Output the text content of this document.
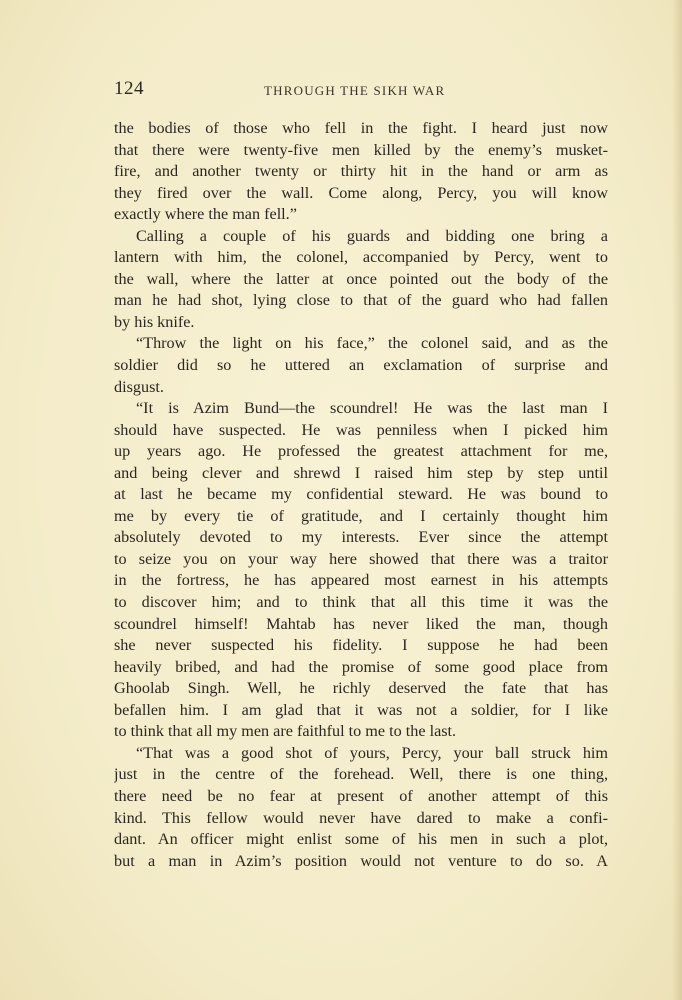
124	THROUGH THE SIKH WAR
the bodies of those who fell in the fight. I heard just now
that there were twenty-five men killed by the enemy’s musket-
fire, and another twenty or thirty hit in the hand or arm as
they fired over the wall. Come along, Percy, you will know
exactly where the man fell.”
Calling a couple of his guards and bidding one bring a
lantern with him, the colonel, accompanied by Percy, went to
the wall, where the latter at once pointed out the body of the
man he had shot, lying close to that of the guard who had fallen
by his knife.
“Throw the light on his face,” the colonel said, and as the
soldier did so he uttered an exclamation of surprise and
disgust.
“It is Azim Bund—the scoundrel! He was the last man I
should have suspected. He was penniless when I picked him
up years ago. He professed the greatest attachment for me,
and being clever and shrewd I raised him step by step until
at last he became my confidential steward. He was bound to
me by every tie of gratitude, and I certainly thought him
absolutely devoted to my interests. Ever since the attempt
to seize you on your way here showed that there was a traitor
in the fortress, he has appeared most earnest in his attempts
to discover him; and to think that all this time it was the
scoundrel himself! Mahtab has never liked the man, though
she never suspected his fidelity. I suppose he had been
heavily bribed, and had the promise of some good place from
Ghoolab Singh. Well, he richly deserved the fate that has
befallen him. I am glad that it was not a soldier, for I like
to think that all my men are faithful to me to the last.
“That was a good shot of yours, Percy, your ball struck him
just in the centre of the forehead. Well, there is one thing,
there need be no fear at present of another attempt of this
kind. This fellow would never have dared to make a confi-
dant. An officer might enlist some of his men in such a plot,
but a man in Azim’s position would not venture to do so. A
